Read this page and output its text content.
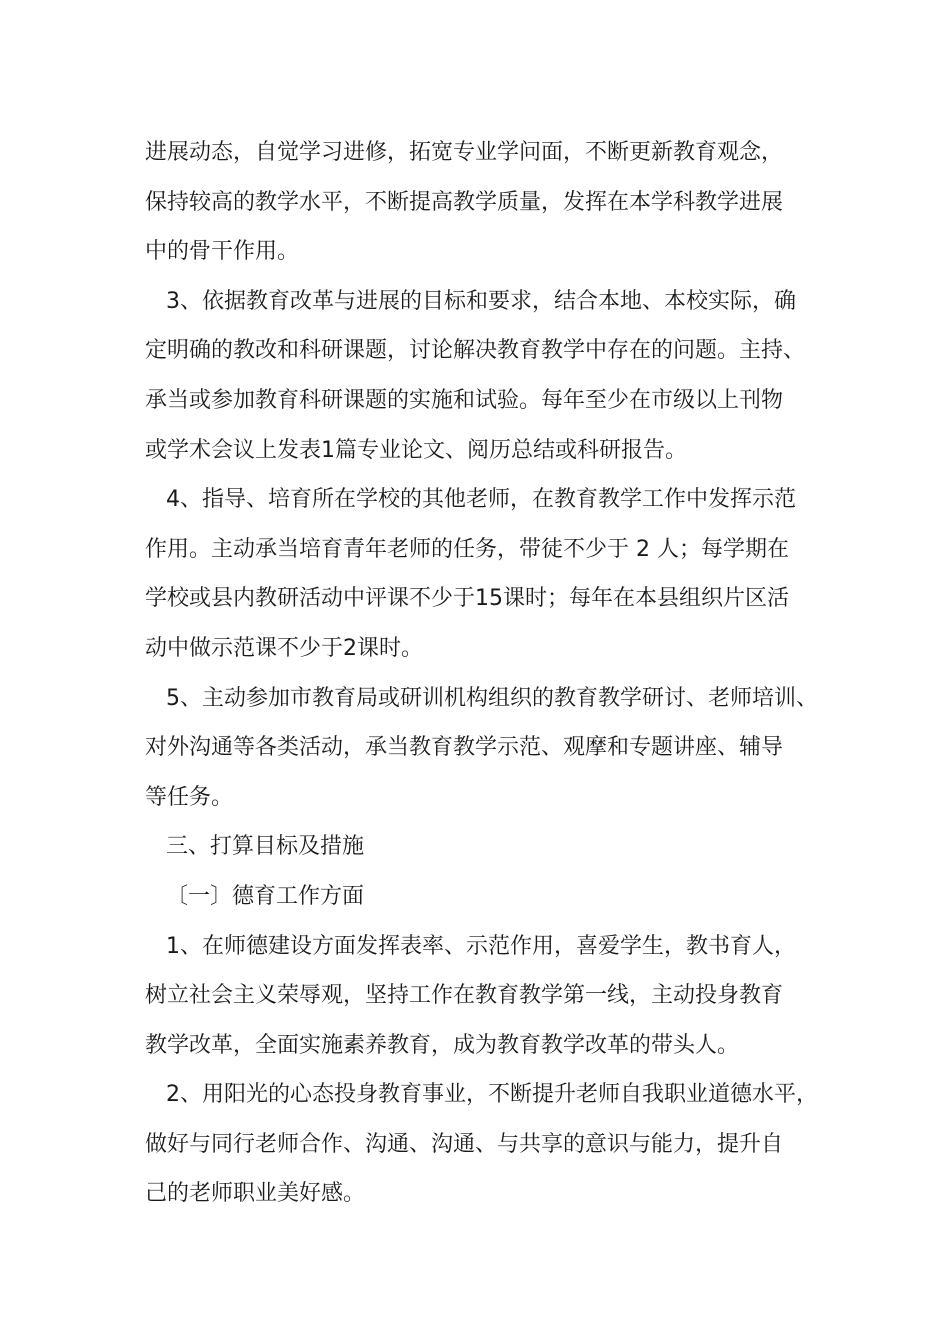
进展动态，自觉学习进修，拓宽专业学问面，不断更新教育观念，
保持较高的教学水平，不断提高教学质量，发挥在本学科教学进展
中的骨干作用。
3、依据教育改革与进展的目标和要求，结合本地、本校实际，确
定明确的教改和科研课题，讨论解决教育教学中存在的问题。主持、
承当或参加教育科研课题的实施和试验。每年至少在市级以上刊物
或学术会议上发表1篇专业论文、阅历总结或科研报告。
4、指导、培育所在学校的其他老师，在教育教学工作中发挥示范
作用。主动承当培育青年老师的任务，带徒不少于 2 人；每学期在
学校或县内教研活动中评课不少于15课时；每年在本县组织片区活
动中做示范课不少于2课时。
5、主动参加市教育局或研训机构组织的教育教学研讨、老师培训、
对外沟通等各类活动，承当教育教学示范、观摩和专题讲座、辅导
等任务。
三、打算目标及措施
〔一〕德育工作方面
1、在师德建设方面发挥表率、示范作用，喜爱学生，教书育人，
树立社会主义荣辱观，坚持工作在教育教学第一线，主动投身教育
教学改革，全面实施素养教育，成为教育教学改革的带头人。
2、用阳光的心态投身教育事业，不断提升老师自我职业道德水平，
做好与同行老师合作、沟通、沟通、与共享的意识与能力，提升自
己的老师职业美好感。
